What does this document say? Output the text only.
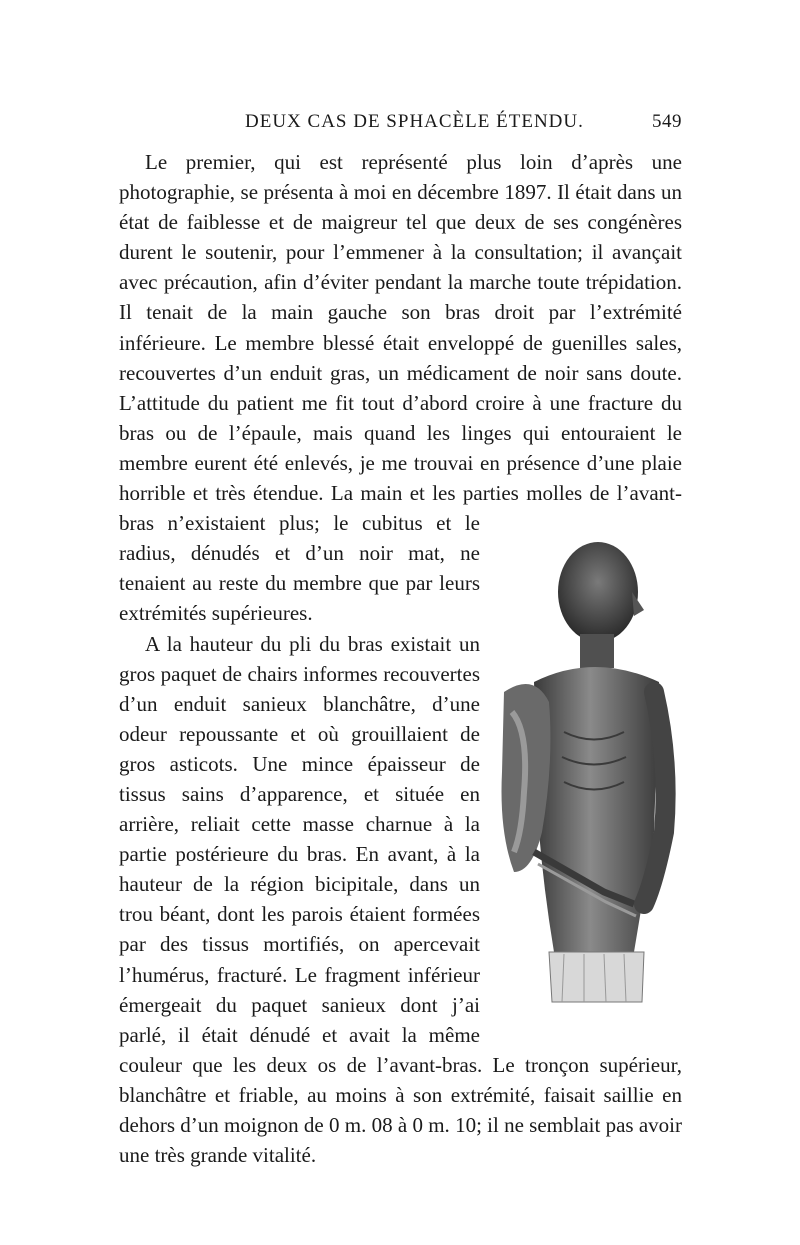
DEUX CAS DE SPHACÈLE ÉTENDU.	549

Le premier, qui est représenté plus loin d’après une photographie, se présenta à moi en décembre 1897. Il était dans un état de faiblesse et de maigreur tel que deux de ses congénères durent le soutenir, pour l’emmener à la consultation; il avançait avec précaution, afin d’éviter pendant la marche toute trépidation. Il tenait de la main gauche son bras droit par l’extrémité inférieure. Le membre blessé était enveloppé de guenilles sales, recouvertes d’un enduit gras, un médicament de noir sans doute. L’attitude du patient me fit tout d’abord croire à une fracture du bras ou de l’épaule, mais quand les linges qui entouraient le membre eurent été enlevés, je me trouvai en présence d’une plaie horrible et très étendue. La main et les parties molles de l’avant-bras n’existaient plus; le cubitus et le radius, dénudés et d’un noir mat, ne tenaient au reste du membre que par leurs extrémités supérieures.

A la hauteur du pli du bras existait un gros paquet de chairs informes recouvertes d’un enduit sanieux blanchâtre, d’une odeur repoussante et où grouillaient de gros asticots. Une mince épaisseur de tissus sains d’apparence, et située en arrière, reliait cette masse charnue à la partie postérieure du bras. En avant, à la hauteur de la région bicipitale, dans un trou béant, dont les parois étaient formées par des tissus mortifiés, on apercevait l’humérus, fracturé. Le fragment inférieur émergeait du paquet sanieux dont j’ai parlé, il était dénudé et avait la même couleur que les deux os de l’avant-bras. Le tronçon supérieur, blanchâtre et friable, au moins à son extrémité, faisait saillie en dehors d’un moignon de 0 m. 08 à 0 m. 10; il ne semblait pas avoir une très grande vitalité.
